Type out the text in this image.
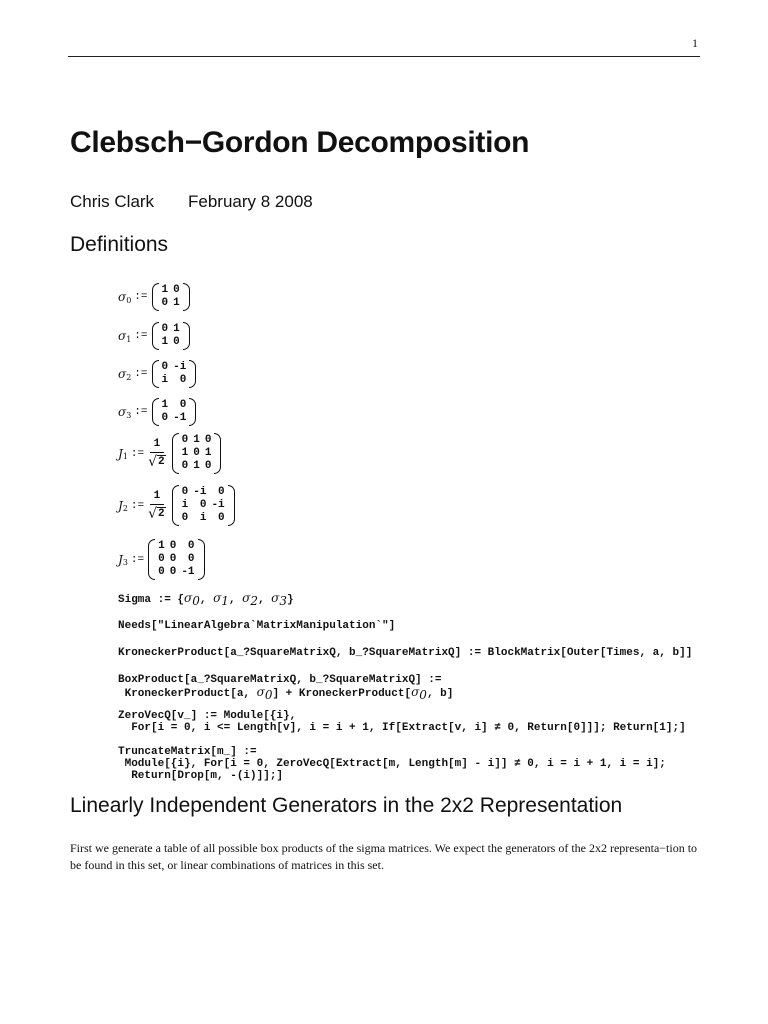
1
Clebsch−Gordon Decomposition
Chris Clark February 8 2008
Definitions
σ 0 :=
1 0
0 1
σ 1 :=
0 1
1 0
σ 2 :=
0 -i
i	0
σ 3 :=
1	0
0 -1
J 1 := $\frac{1}{√ 2} 0$ 1 0
1 0 1
0 1 0
J 2 := $\frac{1}{√ 2} 0$ -i	0
i	0 -i
0	i	0
J 3 :=
1 0	0
0 0	0
0 0 -1
Sigma := {σ0, σ1, σ2, σ3}
Needs["LinearAlgebra`MatrixManipulation`"]
KroneckerProduct[a_?SquareMatrixQ, b_?SquareMatrixQ] := BlockMatrix[Outer[Times, a, b]]
BoxProduct[a_?SquareMatrixQ, b_?SquareMatrixQ] :=
KroneckerProduct[a, σ0] + KroneckerProduct[σ0, b]
ZeroVecQ[v_] := Module[{i},
For[i = 0, i <= Length[v], i = i + 1, If[Extract[v, i] ≠ 0, Return[0]]]; Return[1];]
TruncateMatrix[m_] :=
Module[{i}, For[i = 0, ZeroVecQ[Extract[m, Length[m] - i]] ≠ 0, i = i + 1, i = i];
Return[Drop[m, -(i)]];]
Linearly Independent Generators in the 2x2 Representation
First we generate a table of all possible box products of the sigma matrices. We expect the generators of the 2x2 representa−tion to be found in this set, or linear combinations of matrices in this set.
